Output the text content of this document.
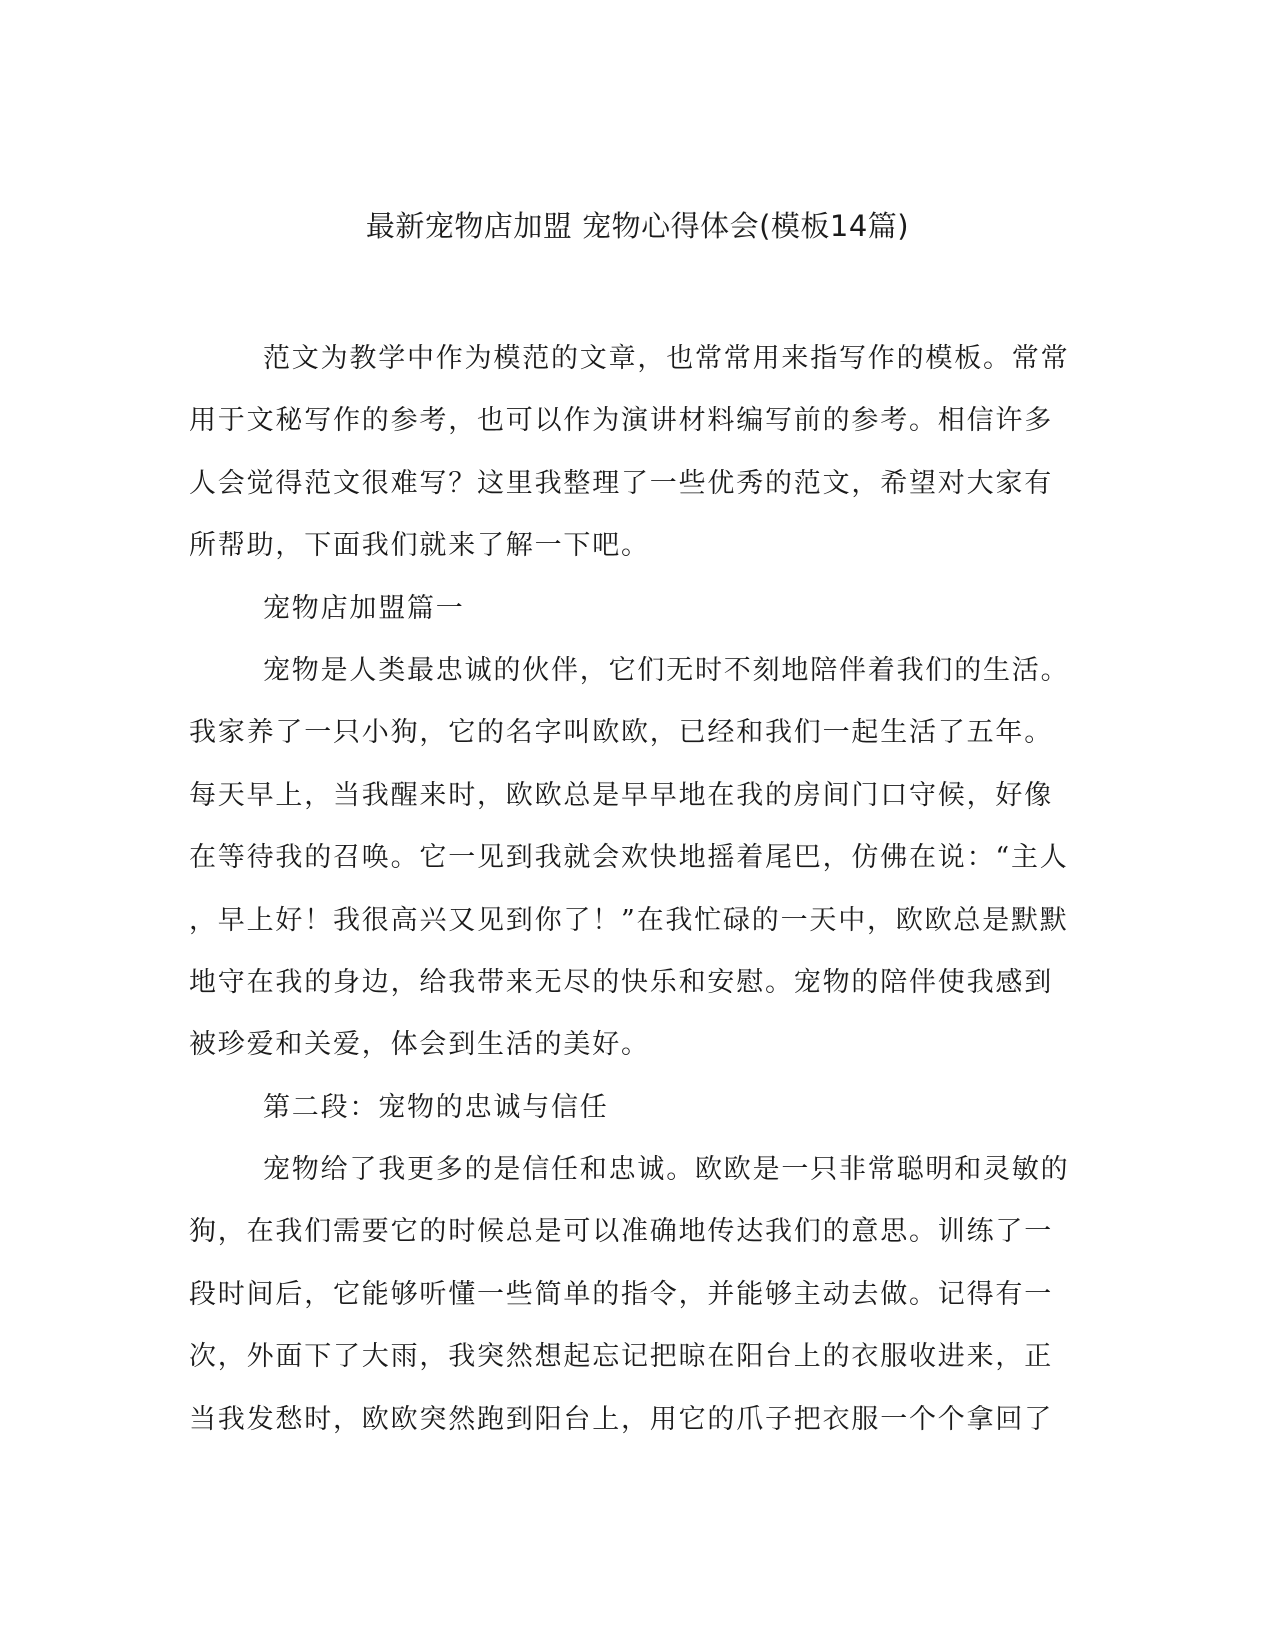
最新宠物店加盟 宠物心得体会(模板14篇)
范文为教学中作为模范的文章，也常常用来指写作的模板。常常
用于文秘写作的参考，也可以作为演讲材料编写前的参考。相信许多
人会觉得范文很难写？这里我整理了一些优秀的范文，希望对大家有
所帮助，下面我们就来了解一下吧。
宠物店加盟篇一
宠物是人类最忠诚的伙伴，它们无时不刻地陪伴着我们的生活。
我家养了一只小狗，它的名字叫欧欧，已经和我们一起生活了五年。
每天早上，当我醒来时，欧欧总是早早地在我的房间门口守候，好像
在等待我的召唤。它一见到我就会欢快地摇着尾巴，仿佛在说：“主人
，早上好！我很高兴又见到你了！”在我忙碌的一天中，欧欧总是默默
地守在我的身边，给我带来无尽的快乐和安慰。宠物的陪伴使我感到
被珍爱和关爱，体会到生活的美好。
第二段：宠物的忠诚与信任
宠物给了我更多的是信任和忠诚。欧欧是一只非常聪明和灵敏的
狗，在我们需要它的时候总是可以准确地传达我们的意思。训练了一
段时间后，它能够听懂一些简单的指令，并能够主动去做。记得有一
次，外面下了大雨，我突然想起忘记把晾在阳台上的衣服收进来，正
当我发愁时，欧欧突然跑到阳台上，用它的爪子把衣服一个个拿回了
